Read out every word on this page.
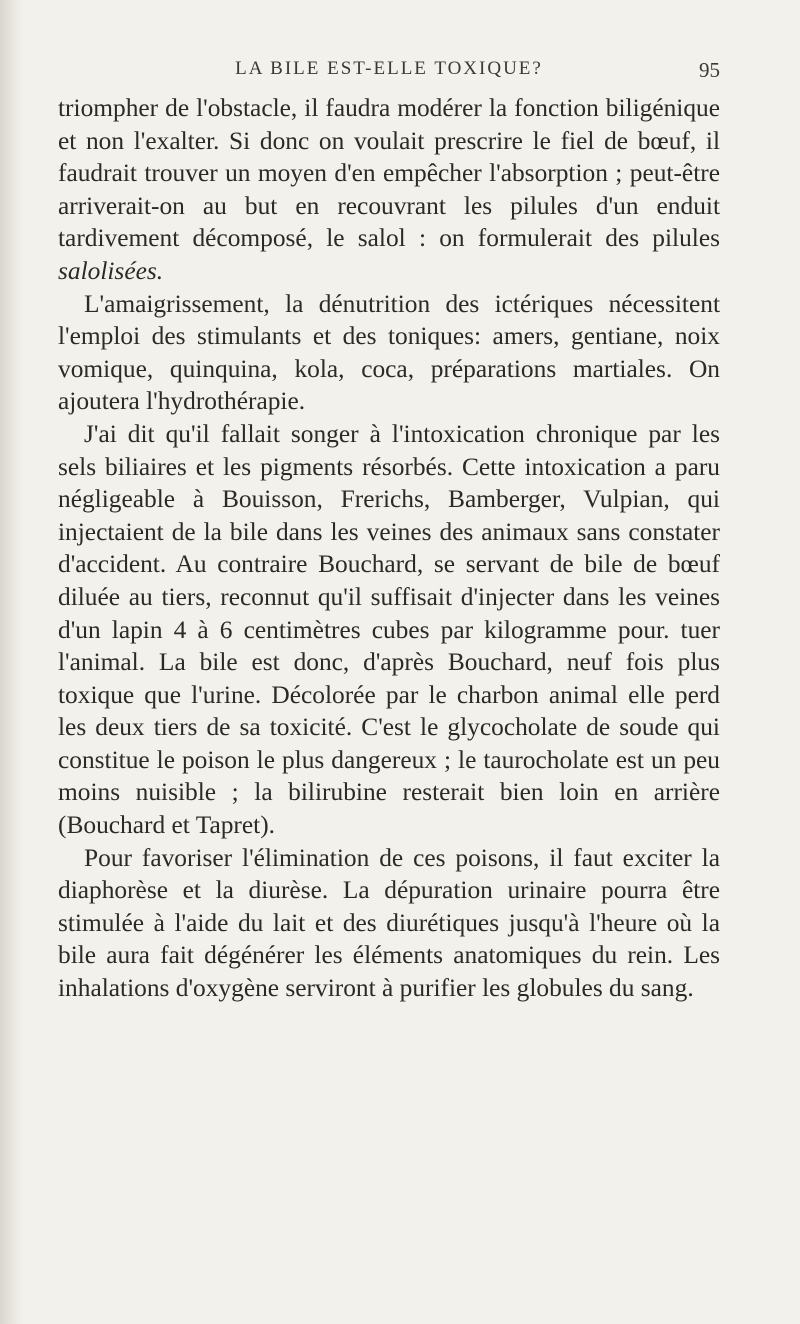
LA BILE EST-ELLE TOXIQUE?	95

triompher de l'obstacle, il faudra modérer la fonction biligénique et non l'exalter. Si donc on voulait prescrire le fiel de bœuf, il faudrait trouver un moyen d'en empêcher l'absorption ; peut-être arriverait-on au but en recouvrant les pilules d'un enduit tardivement décomposé, le salol : on formulerait des pilules salolisées.

L'amaigrissement, la dénutrition des ictériques nécessitent l'emploi des stimulants et des toniques: amers, gentiane, noix vomique, quinquina, kola, coca, préparations martiales. On ajoutera l'hydrothérapie.

J'ai dit qu'il fallait songer à l'intoxication chronique par les sels biliaires et les pigments résorbés. Cette intoxication a paru négligeable à Bouisson, Frerichs, Bamberger, Vulpian, qui injectaient de la bile dans les veines des animaux sans constater d'accident. Au contraire Bouchard, se servant de bile de bœuf diluée au tiers, reconnut qu'il suffisait d'injecter dans les veines d'un lapin 4 à 6 centimètres cubes par kilogramme pour. tuer l'animal. La bile est donc, d'après Bouchard, neuf fois plus toxique que l'urine. Décolorée par le charbon animal elle perd les deux tiers de sa toxicité. C'est le glycocholate de soude qui constitue le poison le plus dangereux ; le taurocholate est un peu moins nuisible ; la bilirubine resterait bien loin en arrière (Bouchard et Tapret).

Pour favoriser l'élimination de ces poisons, il faut exciter la diaphorèse et la diurèse. La dépuration urinaire pourra être stimulée à l'aide du lait et des diurétiques jusqu'à l'heure où la bile aura fait dégénérer les éléments anatomiques du rein. Les inhalations d'oxygène serviront à purifier les globules du sang.
